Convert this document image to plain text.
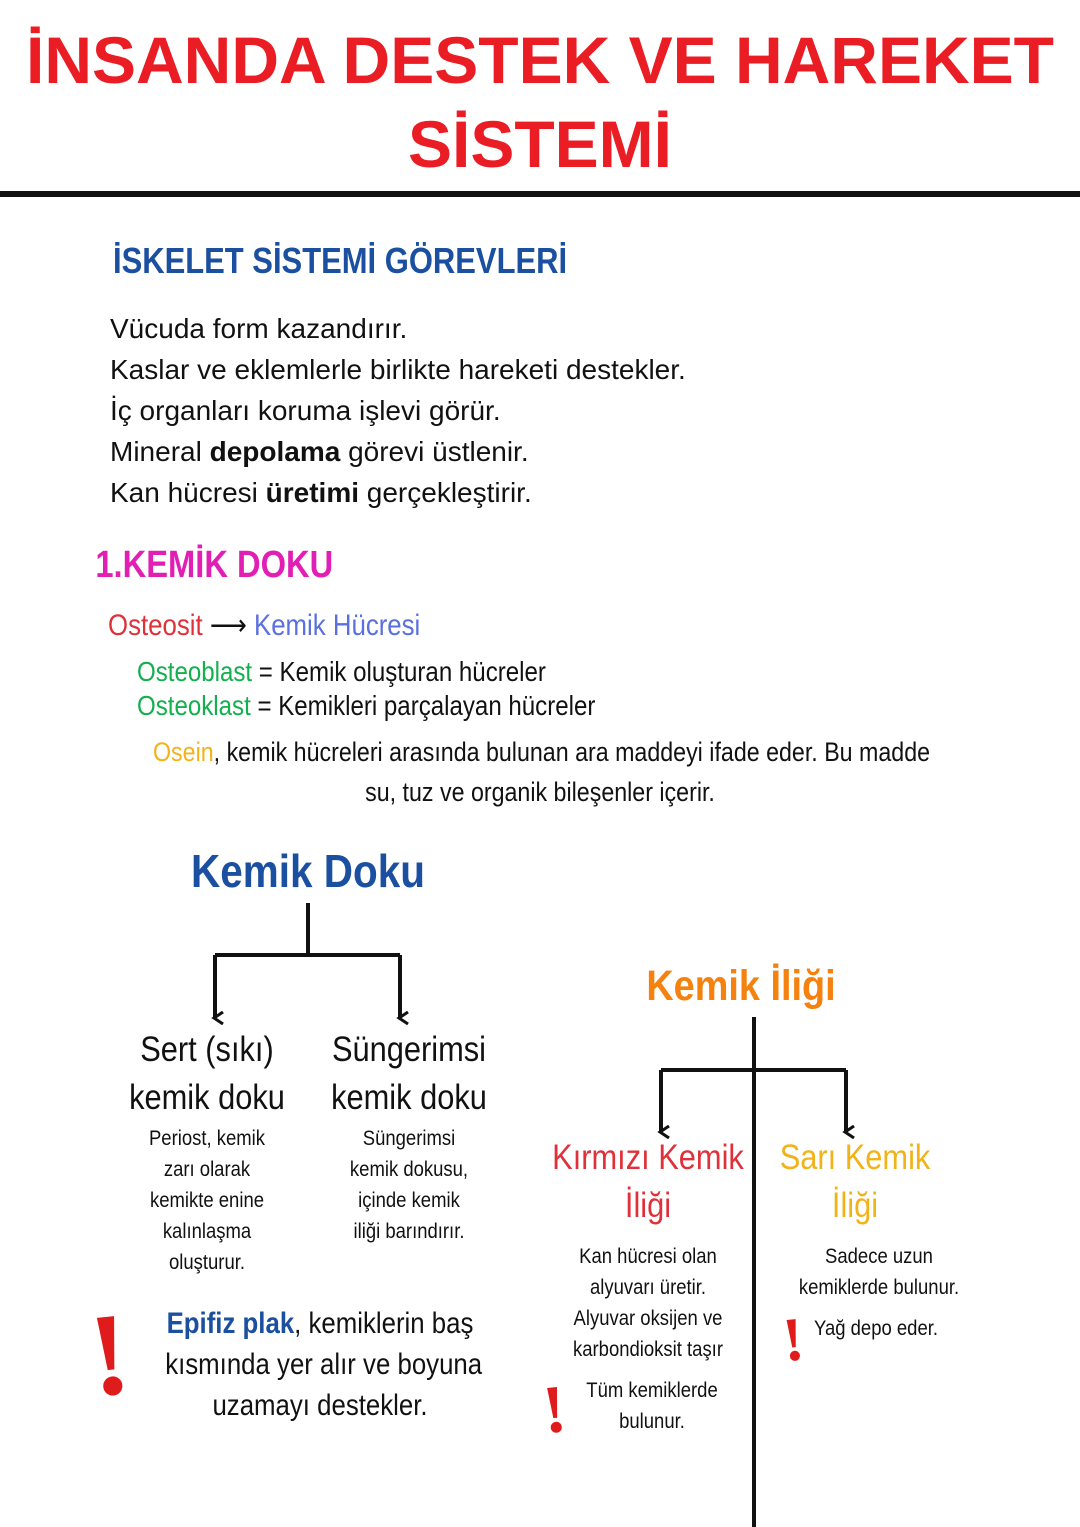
İNSANDA DESTEK VE HAREKET
SİSTEMİ
İSKELET SİSTEMİ GÖREVLERİ
Vücuda form kazandırır.
Kaslar ve eklemlerle birlikte hareketi destekler.
İç organları koruma işlevi görür.
Mineral depolama görevi üstlenir.
Kan hücresi üretimi gerçekleştirir.
1.KEMİK DOKU
Osteosit ⟶ Kemik Hücresi
Osteoblast = Kemik oluşturan hücreler
Osteoklast = Kemikleri parçalayan hücreler
Osein, kemik hücreleri arasında bulunan ara maddeyi ifade eder. Bu madde
su, tuz ve organik bileşenler içerir.
Kemik Doku
Sert (sıkı)
kemik doku
Periost, kemik
zarı olarak
kemikte enine
kalınlaşma
oluşturur.
Süngerimsi
kemik doku
Süngerimsi
kemik dokusu,
içinde kemik
iliği barındırır.
! Epifiz plak, kemiklerin baş
kısmında yer alır ve boyuna
uzamayı destekler.
Kemik İliği
Kırmızı Kemik
İliği
Kan hücresi olan
alyuvarı üretir.
Alyuvar oksijen ve
karbondioksit taşır
! Tüm kemiklerde
bulunur.
Sarı Kemik
İliği
Sadece uzun
kemiklerde bulunur.
! Yağ depo eder.
